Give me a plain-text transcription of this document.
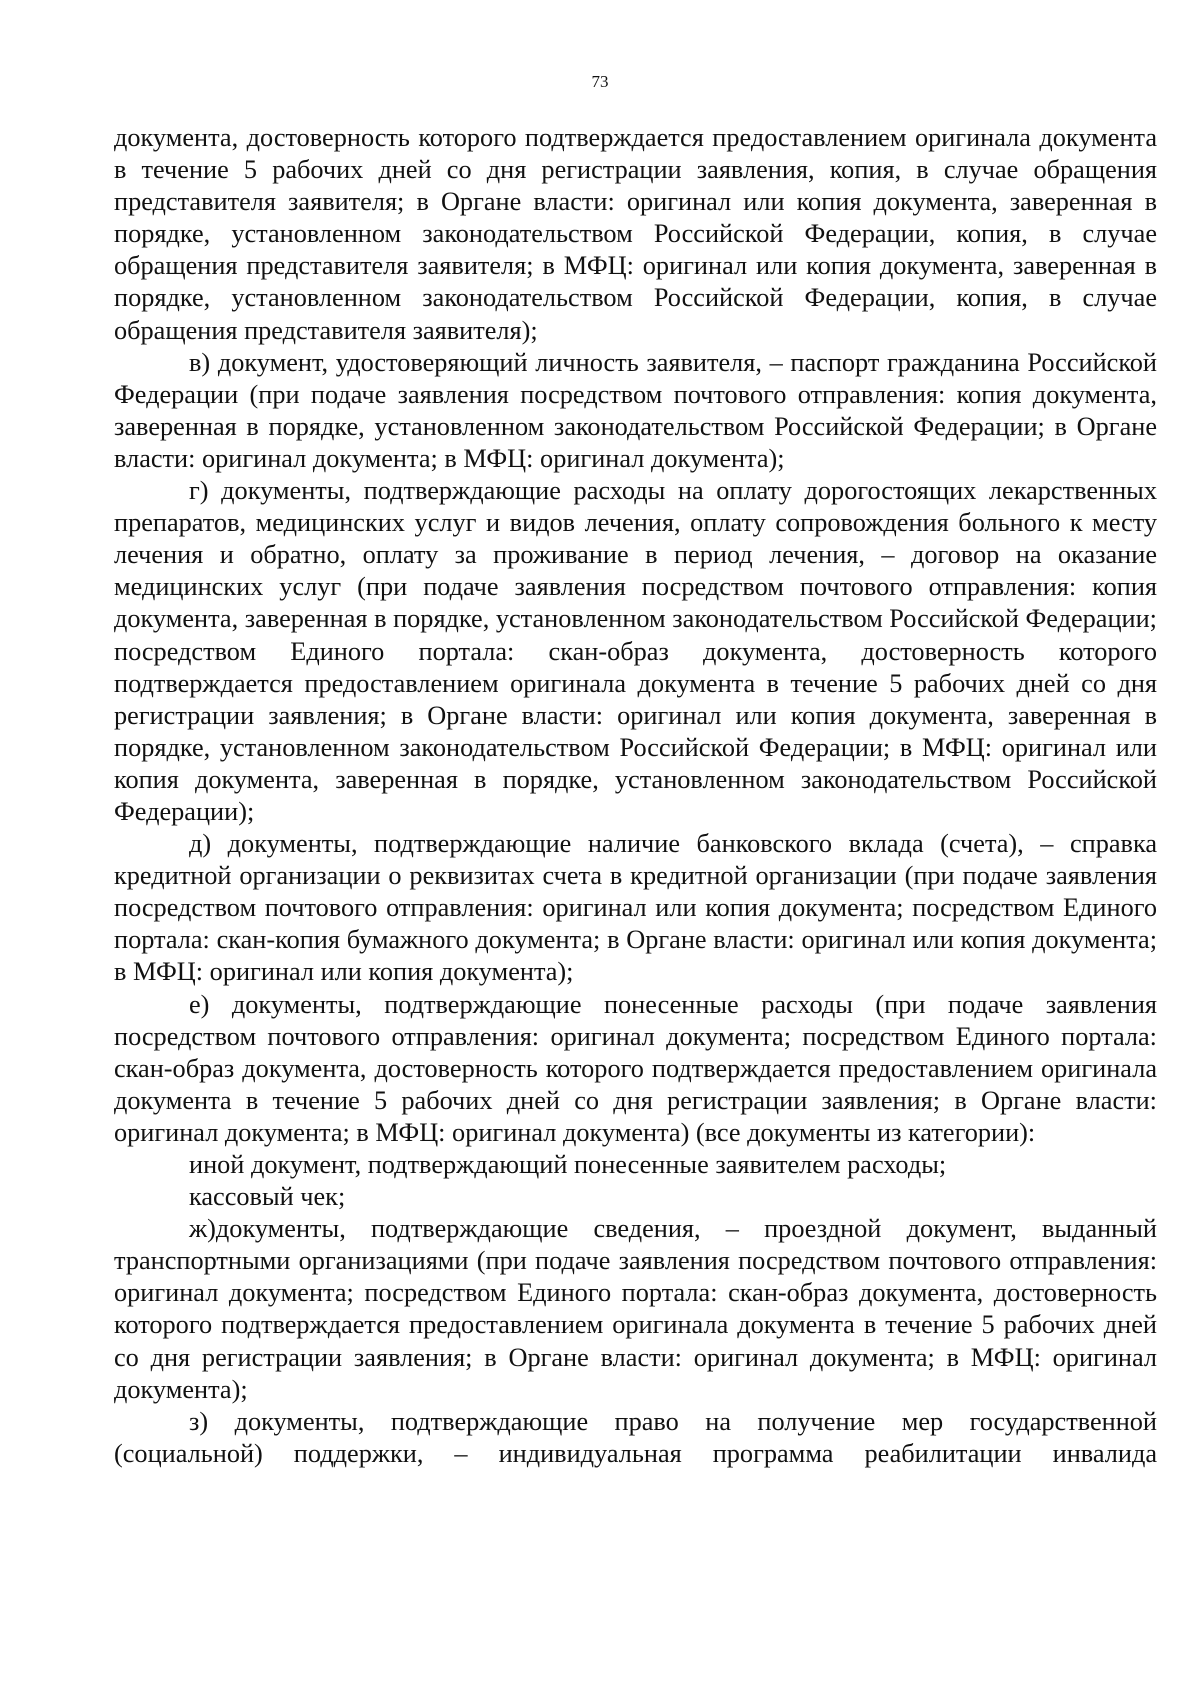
73

документа, достоверность которого подтверждается предоставлением оригинала документа в течение 5 рабочих дней со дня регистрации заявления, копия, в случае обращения представителя заявителя; в Органе власти: оригинал или копия документа, заверенная в порядке, установленном законодательством Российской Федерации, копия, в случае обращения представителя заявителя; в МФЦ: оригинал или копия документа, заверенная в порядке, установленном законодательством Российской Федерации, копия, в случае обращения представителя заявителя);

в) документ, удостоверяющий личность заявителя, – паспорт гражданина Российской Федерации (при подаче заявления посредством почтового отправления: копия документа, заверенная в порядке, установленном законодательством Российской Федерации; в Органе власти: оригинал документа; в МФЦ: оригинал документа);

г) документы, подтверждающие расходы на оплату дорогостоящих лекарственных препаратов, медицинских услуг и видов лечения, оплату сопровождения больного к месту лечения и обратно, оплату за проживание в период лечения, – договор на оказание медицинских услуг (при подаче заявления посредством почтового отправления: копия документа, заверенная в порядке, установленном законодательством Российской Федерации; посредством Единого портала: скан-образ документа, достоверность которого подтверждается предоставлением оригинала документа в течение 5 рабочих дней со дня регистрации заявления; в Органе власти: оригинал или копия документа, заверенная в порядке, установленном законодательством Российской Федерации; в МФЦ: оригинал или копия документа, заверенная в порядке, установленном законодательством Российской Федерации);

д) документы, подтверждающие наличие банковского вклада (счета), – справка кредитной организации о реквизитах счета в кредитной организации (при подаче заявления посредством почтового отправления: оригинал или копия документа; посредством Единого портала: скан-копия бумажного документа; в Органе власти: оригинал или копия документа; в МФЦ: оригинал или копия документа);

е) документы, подтверждающие понесенные расходы (при подаче заявления посредством почтового отправления: оригинал документа; посредством Единого портала: скан-образ документа, достоверность которого подтверждается предоставлением оригинала документа в течение 5 рабочих дней со дня регистрации заявления; в Органе власти: оригинал документа; в МФЦ: оригинал документа) (все документы из категории):

иной документ, подтверждающий понесенные заявителем расходы;

кассовый чек;

ж)документы, подтверждающие сведения, – проездной документ, выданный транспортными организациями (при подаче заявления посредством почтового отправления: оригинал документа; посредством Единого портала: скан-образ документа, достоверность которого подтверждается предоставлением оригинала документа в течение 5 рабочих дней со дня регистрации заявления; в Органе власти: оригинал документа; в МФЦ: оригинал документа);

з) документы, подтверждающие право на получение мер государственной (социальной) поддержки, – индивидуальная программа реабилитации инвалида
